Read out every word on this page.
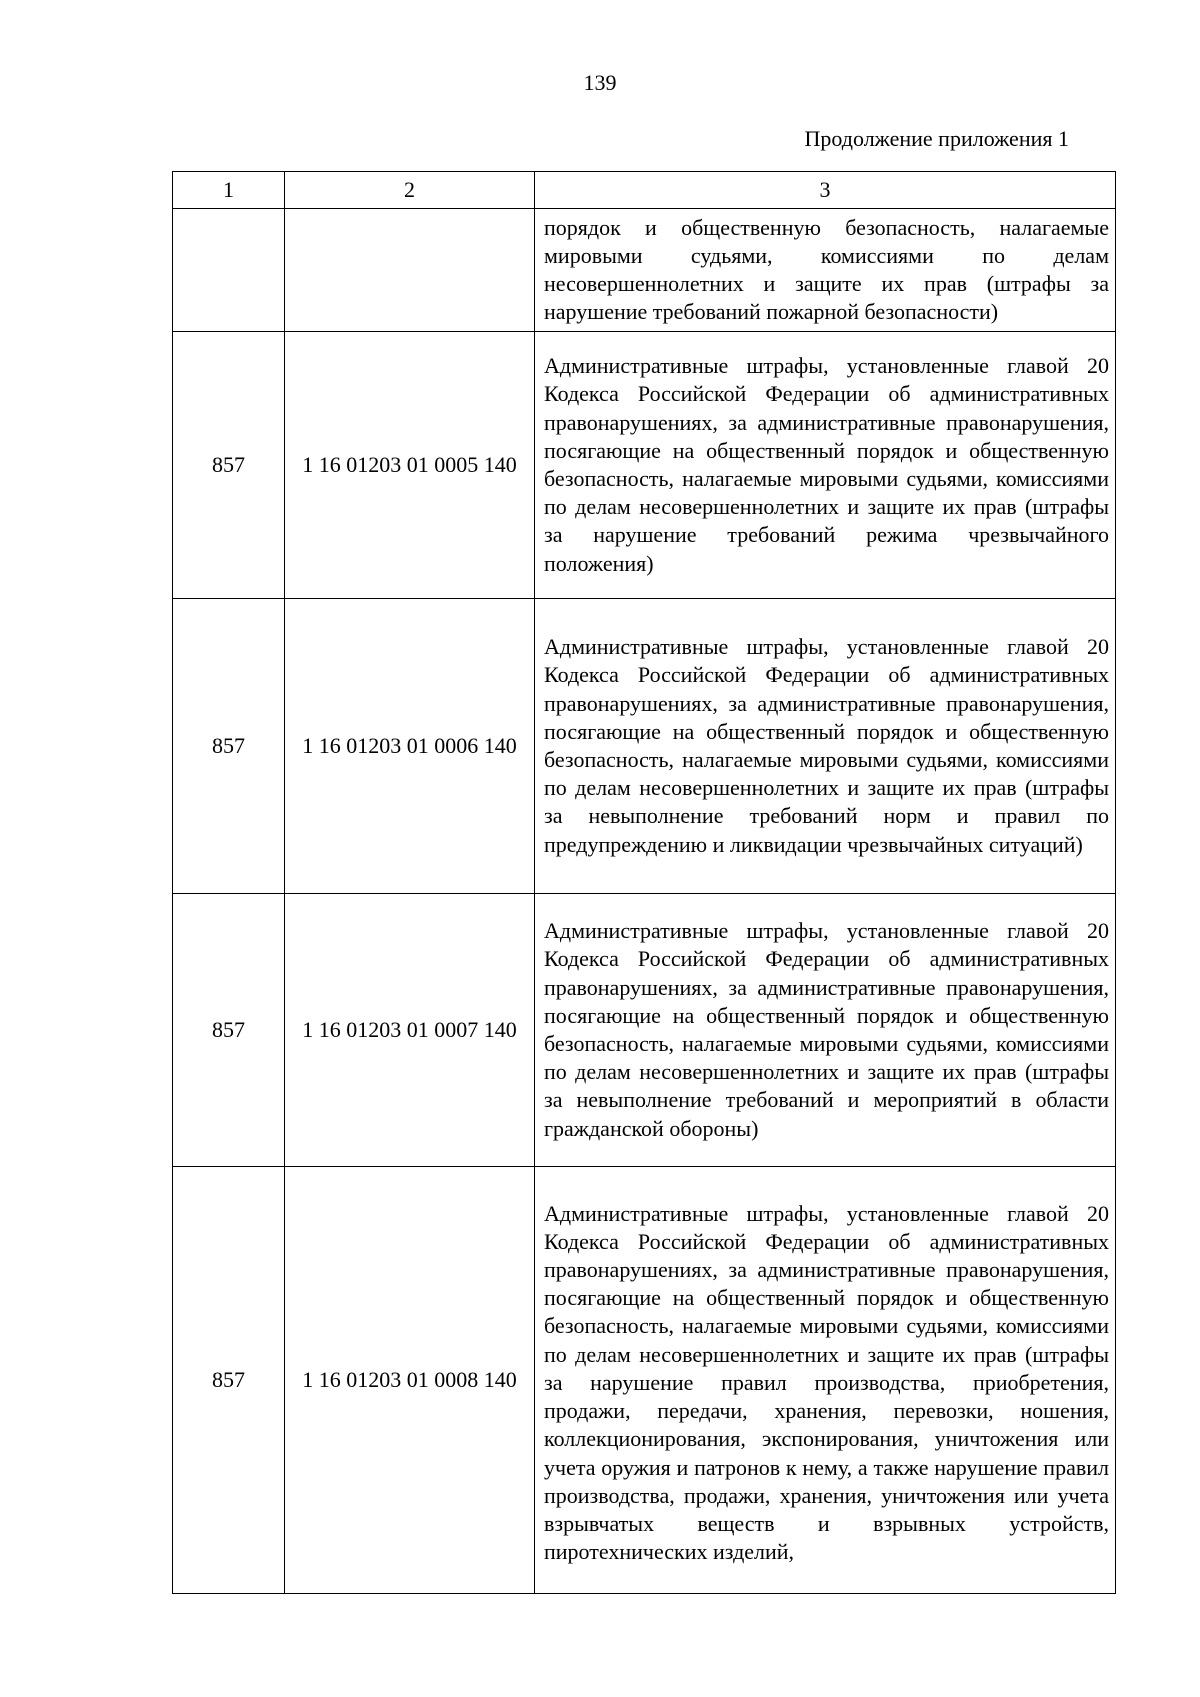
139
Продолжение приложения 1
1	2	3

		порядок и общественную безопасность, налагаемые мировыми судьями, комиссиями по делам несовершеннолетних и защите их прав (штрафы за нарушение требований пожарной безопасности)

857	1 16 01203 01 0005 140	Административные штрафы, установленные главой 20 Кодекса Российской Федерации об административных правонарушениях, за административные правонарушения, посягающие на общественный порядок и общественную безопасность, налагаемые мировыми судьями, комиссиями по делам несовершеннолетних и защите их прав (штрафы за нарушение требований режима чрезвычайного положения)

857	1 16 01203 01 0006 140	Административные штрафы, установленные главой 20 Кодекса Российской Федерации об административных правонарушениях, за административные правонарушения, посягающие на общественный порядок и общественную безопасность, налагаемые мировыми судьями, комиссиями по делам несовершеннолетних и защите их прав (штрафы за невыполнение требований норм и правил по предупреждению и ликвидации чрезвычайных ситуаций)

857	1 16 01203 01 0007 140	Административные штрафы, установленные главой 20 Кодекса Российской Федерации об административных правонарушениях, за административные правонарушения, посягающие на общественный порядок и общественную безопасность, налагаемые мировыми судьями, комиссиями по делам несовершеннолетних и защите их прав (штрафы за невыполнение требований и мероприятий в области гражданской обороны)

857	1 16 01203 01 0008 140	Административные штрафы, установленные главой 20 Кодекса Российской Федерации об административных правонарушениях, за административные правонарушения, посягающие на общественный порядок и общественную безопасность, налагаемые мировыми судьями, комиссиями по делам несовершеннолетних и защите их прав (штрафы за нарушение правил производства, приобретения, продажи, передачи, хранения, перевозки, ношения, коллекционирования, экспонирования, уничтожения или учета оружия и патронов к нему, а также нарушение правил производства, продажи, хранения, уничтожения или учета взрывчатых веществ и взрывных устройств, пиротехнических изделий,
